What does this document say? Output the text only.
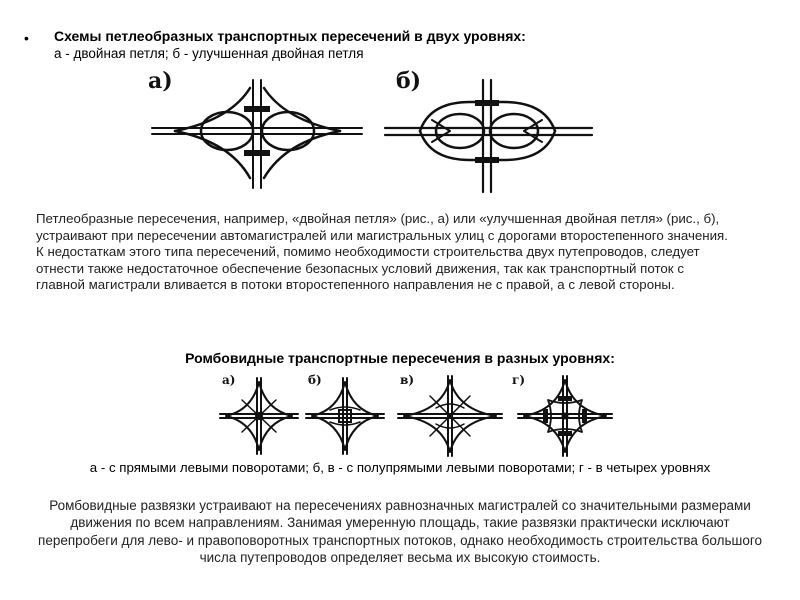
• Схемы петлеобразных транспортных пересечений в двух уровнях:
а - двойная петля; б - улучшенная двойная петля
а)	б)
Петлеобразные пересечения, например, «двойная петля» (рис., а) или «улучшенная двойная петля» (рис., б), устраивают при пересечении автомагистралей или магистральных улиц с дорогами второстепенного значения. К недостаткам этого типа пересечений, помимо необходимости строительства двух путепроводов, следует отнести также недостаточное обеспечение безопасных условий движения, так как транспортный поток с главной магистрали вливается в потоки второстепенного направления не с правой, а с левой стороны.
Ромбовидные транспортные пересечения в разных уровнях:
а)	б)	в)	г)
а - с прямыми левыми поворотами; б, в - с полупрямыми левыми поворотами; г - в четырех уровнях
Ромбовидные развязки устраивают на пересечениях равнозначных магистралей со значительными размерами движения по всем направлениям. Занимая умеренную площадь, такие развязки практически исключают перепробеги для лево- и правоповоротных транспортных потоков, однако необходимость строительства большого числа путепроводов определяет весьма их высокую стоимость.
